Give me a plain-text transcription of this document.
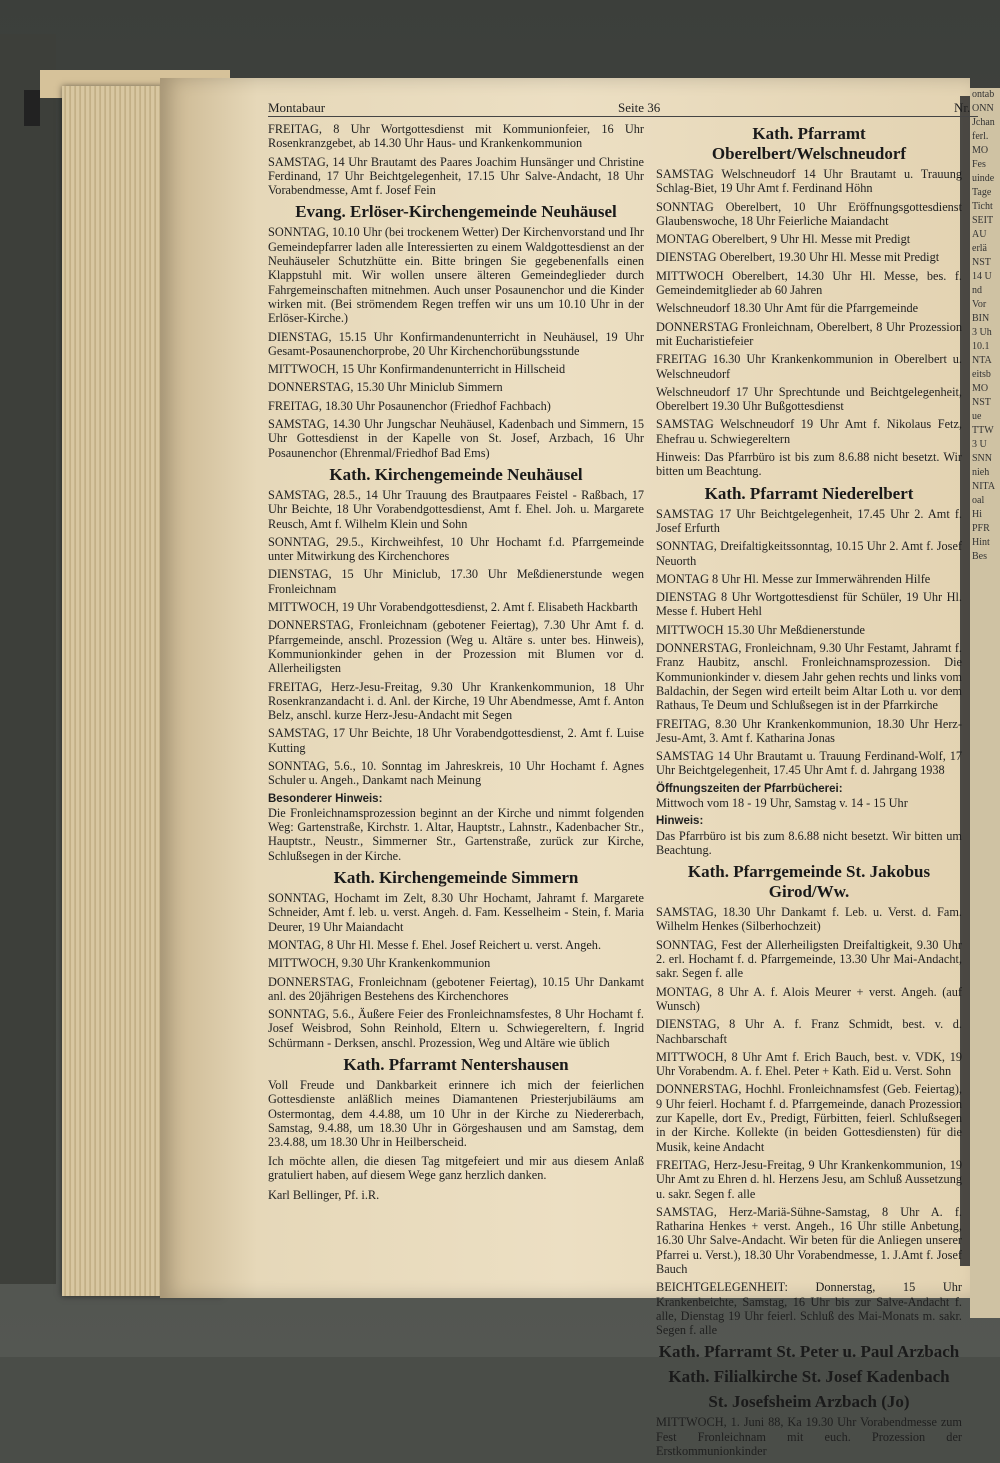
ontab
ONN
Jchan
ferl.
MO
Fes
uinde
Tage
Ticht
SEIT
AU
erlä
NST
14 U
nd
Vor
BIN
3 Uh
10.1
NTA
eitsb
MO
NST
ue
TTW
3 U
SNN
nieh
NITA
oal
Hi
PFR
Hint
Bes
Montabaur	Seite 36	Nr.
FREITAG, 8 Uhr Wortgottesdienst mit Kommunionfeier, 16 Uhr Rosenkranzgebet, ab 14.30 Uhr Haus- und Krankenkommunion
SAMSTAG, 14 Uhr Brautamt des Paares Joachim Hunsänger und Christine Ferdinand, 17 Uhr Beichtgelegenheit, 17.15 Uhr Salve-Andacht, 18 Uhr Vorabendmesse, Amt f. Josef Fein
Evang. Erlöser-Kirchengemeinde Neuhäusel
SONNTAG, 10.10 Uhr (bei trockenem Wetter) Der Kirchenvorstand und Ihr Gemeindepfarrer laden alle Interessierten zu einem Waldgottesdienst an der Neuhäuseler Schutzhütte ein. Bitte bringen Sie gegebenenfalls einen Klappstuhl mit. Wir wollen unsere älteren Gemeindeglieder durch Fahrgemeinschaften mitnehmen. Auch unser Posaunenchor und die Kinder wirken mit. (Bei strömendem Regen treffen wir uns um 10.10 Uhr in der Erlöser-Kirche.)
DIENSTAG, 15.15 Uhr Konfirmandenunterricht in Neuhäusel, 19 Uhr Gesamt-Posaunenchorprobe, 20 Uhr Kirchenchorübungsstunde
MITTWOCH, 15 Uhr Konfirmandenunterricht in Hillscheid
DONNERSTAG, 15.30 Uhr Miniclub Simmern
FREITAG, 18.30 Uhr Posaunenchor (Friedhof Fachbach)
SAMSTAG, 14.30 Uhr Jungschar Neuhäusel, Kadenbach und Simmern, 15 Uhr Gottesdienst in der Kapelle von St. Josef, Arzbach, 16 Uhr Posaunenchor (Ehrenmal/Friedhof Bad Ems)
Kath. Kirchengemeinde Neuhäusel
SAMSTAG, 28.5., 14 Uhr Trauung des Brautpaares Feistel - Raßbach, 17 Uhr Beichte, 18 Uhr Vorabendgottesdienst, Amt f. Ehel. Joh. u. Margarete Reusch, Amt f. Wilhelm Klein und Sohn
SONNTAG, 29.5., Kirchweihfest, 10 Uhr Hochamt f.d. Pfarrgemeinde unter Mitwirkung des Kirchenchores
DIENSTAG, 15 Uhr Miniclub, 17.30 Uhr Meßdienerstunde wegen Fronleichnam
MITTWOCH, 19 Uhr Vorabendgottesdienst, 2. Amt f. Elisabeth Hackbarth
DONNERSTAG, Fronleichnam (gebotener Feiertag), 7.30 Uhr Amt f. d. Pfarrgemeinde, anschl. Prozession (Weg u. Altäre s. unter bes. Hinweis), Kommunionkinder gehen in der Prozession mit Blumen vor d. Allerheiligsten
FREITAG, Herz-Jesu-Freitag, 9.30 Uhr Krankenkommunion, 18 Uhr Rosenkranzandacht i. d. Anl. der Kirche, 19 Uhr Abendmesse, Amt f. Anton Belz, anschl. kurze Herz-Jesu-Andacht mit Segen
SAMSTAG, 17 Uhr Beichte, 18 Uhr Vorabendgottesdienst, 2. Amt f. Luise Kutting
SONNTAG, 5.6., 10. Sonntag im Jahreskreis, 10 Uhr Hochamt f. Agnes Schuler u. Angeh., Dankamt nach Meinung
Besonderer Hinweis:
Die Fronleichnamsprozession beginnt an der Kirche und nimmt folgenden Weg: Gartenstraße, Kirchstr. 1. Altar, Hauptstr., Lahnstr., Kadenbacher Str., Hauptstr., Neustr., Simmerner Str., Gartenstraße, zurück zur Kirche, Schlußsegen in der Kirche.
Kath. Kirchengemeinde Simmern
SONNTAG, Hochamt im Zelt, 8.30 Uhr Hochamt, Jahramt f. Margarete Schneider, Amt f. leb. u. verst. Angeh. d. Fam. Kesselheim - Stein, f. Maria Deurer, 19 Uhr Maiandacht
MONTAG, 8 Uhr Hl. Messe f. Ehel. Josef Reichert u. verst. Angeh.
MITTWOCH, 9.30 Uhr Krankenkommunion
DONNERSTAG, Fronleichnam (gebotener Feiertag), 10.15 Uhr Dankamt anl. des 20jährigen Bestehens des Kirchenchores
SONNTAG, 5.6., Äußere Feier des Fronleichnamsfestes, 8 Uhr Hochamt f. Josef Weisbrod, Sohn Reinhold, Eltern u. Schwiegereltern, f. Ingrid Schürmann - Derksen, anschl. Prozession, Weg und Altäre wie üblich
Kath. Pfarramt Nentershausen
Voll Freude und Dankbarkeit erinnere ich mich der feierlichen Gottesdienste anläßlich meines Diamantenen Priesterjubiläums am Ostermontag, dem 4.4.88, um 10 Uhr in der Kirche zu Niedererbach, Samstag, 9.4.88, um 18.30 Uhr in Görgeshausen und am Samstag, dem 23.4.88, um 18.30 Uhr in Heilberscheid.
Ich möchte allen, die diesen Tag mitgefeiert und mir aus diesem Anlaß gratuliert haben, auf diesem Wege ganz herzlich danken.
Karl Bellinger, Pf. i.R.
Kath. Pfarramt Oberelbert/Welschneudorf
SAMSTAG Welschneudorf 14 Uhr Brautamt u. Trauung Schlag-Biet, 19 Uhr Amt f. Ferdinand Höhn
SONNTAG Oberelbert, 10 Uhr Eröffnungsgottesdienst Glaubenswoche, 18 Uhr Feierliche Maiandacht
MONTAG Oberelbert, 9 Uhr Hl. Messe mit Predigt
DIENSTAG Oberelbert, 19.30 Uhr Hl. Messe mit Predigt
MITTWOCH Oberelbert, 14.30 Uhr Hl. Messe, bes. f. Gemeindemitglieder ab 60 Jahren
Welschneudorf 18.30 Uhr Amt für die Pfarrgemeinde
DONNERSTAG Fronleichnam, Oberelbert, 8 Uhr Prozession mit Eucharistiefeier
FREITAG 16.30 Uhr Krankenkommunion in Oberelbert u. Welschneudorf
Welschneudorf 17 Uhr Sprechtunde und Beichtgelegenheit, Oberelbert 19.30 Uhr Bußgottesdienst
SAMSTAG Welschneudorf 19 Uhr Amt f. Nikolaus Fetz, Ehefrau u. Schwiegereltern
Hinweis: Das Pfarrbüro ist bis zum 8.6.88 nicht besetzt. Wir bitten um Beachtung.
Kath. Pfarramt Niederelbert
SAMSTAG 17 Uhr Beichtgelegenheit, 17.45 Uhr 2. Amt f. Josef Erfurth
SONNTAG, Dreifaltigkeitssonntag, 10.15 Uhr 2. Amt f. Josef Neuorth
MONTAG 8 Uhr Hl. Messe zur Immerwährenden Hilfe
DIENSTAG 8 Uhr Wortgottesdienst für Schüler, 19 Uhr Hl. Messe f. Hubert Hehl
MITTWOCH 15.30 Uhr Meßdienerstunde
DONNERSTAG, Fronleichnam, 9.30 Uhr Festamt, Jahramt f. Franz Haubitz, anschl. Fronleichnamsprozession. Die Kommunionkinder v. diesem Jahr gehen rechts und links vom Baldachin, der Segen wird erteilt beim Altar Loth u. vor dem Rathaus, Te Deum und Schlußsegen ist in der Pfarrkirche
FREITAG, 8.30 Uhr Krankenkommunion, 18.30 Uhr Herz-Jesu-Amt, 3. Amt f. Katharina Jonas
SAMSTAG 14 Uhr Brautamt u. Trauung Ferdinand-Wolf, 17 Uhr Beichtgelegenheit, 17.45 Uhr Amt f. d. Jahrgang 1938
Öffnungszeiten der Pfarrbücherei:
Mittwoch vom 18 - 19 Uhr, Samstag v. 14 - 15 Uhr
Hinweis:
Das Pfarrbüro ist bis zum 8.6.88 nicht besetzt. Wir bitten um Beachtung.
Kath. Pfarrgemeinde St. Jakobus Girod/Ww.
SAMSTAG, 18.30 Uhr Dankamt f. Leb. u. Verst. d. Fam. Wilhelm Henkes (Silberhochzeit)
SONNTAG, Fest der Allerheiligsten Dreifaltigkeit, 9.30 Uhr 2. erl. Hochamt f. d. Pfarrgemeinde, 13.30 Uhr Mai-Andacht, sakr. Segen f. alle
MONTAG, 8 Uhr A. f. Alois Meurer + verst. Angeh. (auf Wunsch)
DIENSTAG, 8 Uhr A. f. Franz Schmidt, best. v. d. Nachbarschaft
MITTWOCH, 8 Uhr Amt f. Erich Bauch, best. v. VDK, 19 Uhr Vorabendm. A. f. Ehel. Peter + Kath. Eid u. Verst. Sohn
DONNERSTAG, Hochhl. Fronleichnamsfest (Geb. Feiertag), 9 Uhr feierl. Hochamt f. d. Pfarrgemeinde, danach Prozession zur Kapelle, dort Ev., Predigt, Fürbitten, feierl. Schlußsegen in der Kirche. Kollekte (in beiden Gottesdiensten) für die Musik, keine Andacht
FREITAG, Herz-Jesu-Freitag, 9 Uhr Krankenkommunion, 19 Uhr Amt zu Ehren d. hl. Herzens Jesu, am Schluß Aussetzung u. sakr. Segen f. alle
SAMSTAG, Herz-Mariä-Sühne-Samstag, 8 Uhr A. f. Ratharina Henkes + verst. Angeh., 16 Uhr stille Anbetung, 16.30 Uhr Salve-Andacht. Wir beten für die Anliegen unserer Pfarrei u. Verst.), 18.30 Uhr Vorabendmesse, 1. J.Amt f. Josef Bauch
BEICHTGELEGENHEIT: Donnerstag, 15 Uhr Krankenbeichte, Samstag, 16 Uhr bis zur Salve-Andacht f. alle, Dienstag 19 Uhr feierl. Schluß des Mai-Monats m. sakr. Segen f. alle
Kath. Pfarramt St. Peter u. Paul Arzbach
Kath. Filialkirche St. Josef Kadenbach
St. Josefsheim Arzbach (Jo)
MITTWOCH, 1. Juni 88, Ka 19.30 Uhr Vorabendmesse zum Fest Fronleichnam mit euch. Prozession der Erstkommunionkinder
